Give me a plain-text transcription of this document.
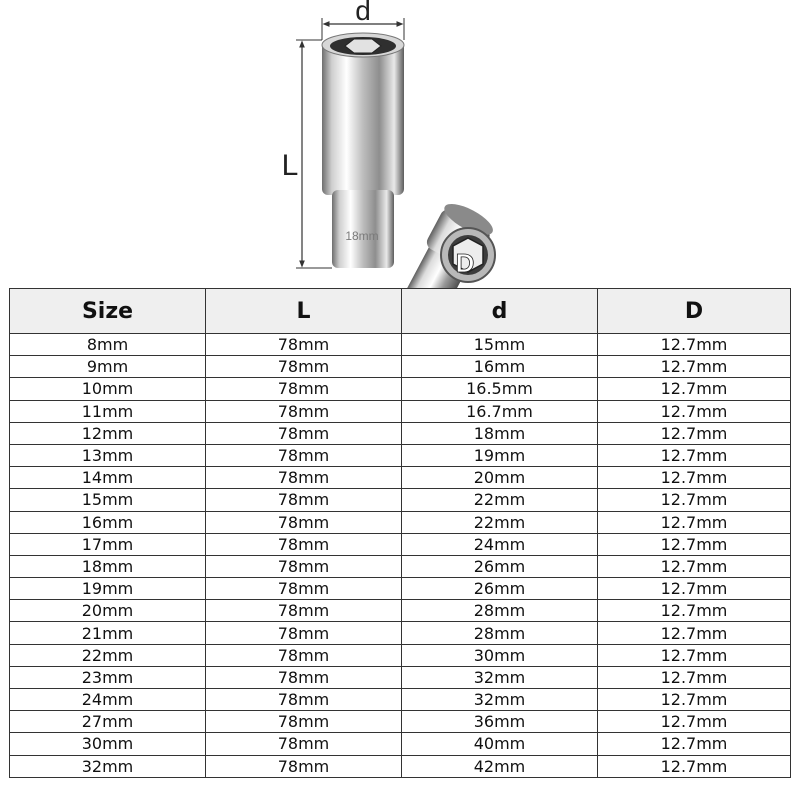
D
18mm
d
L
Size	L	d	D
8mm	78mm	15mm	12.7mm
9mm	78mm	16mm	12.7mm
10mm	78mm	16.5mm	12.7mm
11mm	78mm	16.7mm	12.7mm
12mm	78mm	18mm	12.7mm
13mm	78mm	19mm	12.7mm
14mm	78mm	20mm	12.7mm
15mm	78mm	22mm	12.7mm
16mm	78mm	22mm	12.7mm
17mm	78mm	24mm	12.7mm
18mm	78mm	26mm	12.7mm
19mm	78mm	26mm	12.7mm
20mm	78mm	28mm	12.7mm
21mm	78mm	28mm	12.7mm
22mm	78mm	30mm	12.7mm
23mm	78mm	32mm	12.7mm
24mm	78mm	32mm	12.7mm
27mm	78mm	36mm	12.7mm
30mm	78mm	40mm	12.7mm
32mm	78mm	42mm	12.7mm
